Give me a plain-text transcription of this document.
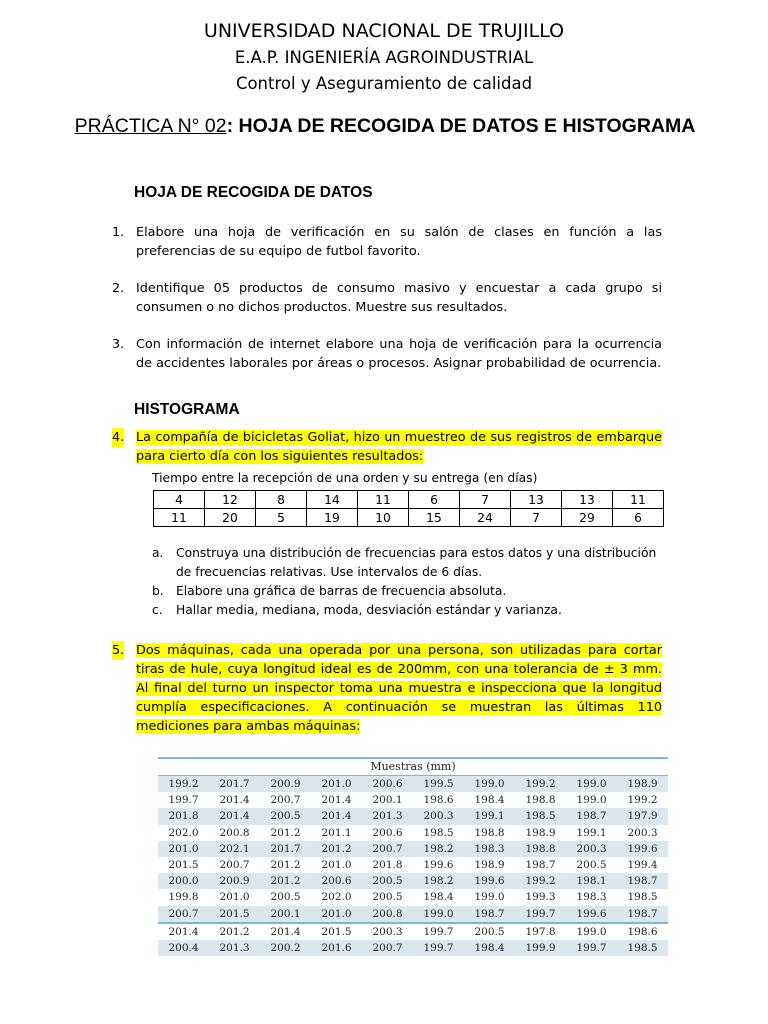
UNIVERSIDAD NACIONAL DE TRUJILLO
E.A.P. INGENIERÍA AGROINDUSTRIAL
Control y Aseguramiento de calidad
PRÁCTICA N° 02: HOJA DE RECOGIDA DE DATOS E HISTOGRAMA
HOJA DE RECOGIDA DE DATOS
1. Elabore una hoja de verificación en su salón de clases en función a las preferencias de su equipo de futbol favorito.
2. Identifique 05 productos de consumo masivo y encuestar a cada grupo si consumen o no dichos productos. Muestre sus resultados.
3. Con información de internet elabore una hoja de verificación para la ocurrencia de accidentes laborales por áreas o procesos. Asignar probabilidad de ocurrencia.
HISTOGRAMA
4. La compañía de bicicletas Goliat, hizo un muestreo de sus registros de embarque para cierto día con los siguientes resultados:
Tiempo entre la recepción de una orden y su entrega (en días)
4	12	8	14	11	6	7	13	13	11
11	20	5	19	10	15	24	7	29	6
a.	Construya una distribución de frecuencias para estos datos y una distribución de frecuencias relativas. Use intervalos de 6 días.
b. Elabore una gráfica de barras de frecuencia absoluta.
c.	Hallar media, mediana, moda, desviación estándar y varianza.
5. Dos máquinas, cada una operada por una persona, son utilizadas para cortar tiras de hule, cuya longitud ideal es de 200mm, con una tolerancia de ± 3 mm. Al final del turno un inspector toma una muestra e inspecciona que la longitud cumplía especificaciones. A continuación se muestran las últimas 110 mediciones para ambas máquinas:
Muestras (mm)
199.2	201.7	200.9	201.0	200.6	199.5	199.0	199.2	199.0	198.9
199.7	201.4	200.7	201.4	200.1	198.6	198.4	198.8	199.0	199.2
201.8	201.4	200.5	201.4	201.3	200.3	199.1	198.5	198.7	197.9
202.0	200.8	201.2	201.1	200.6	198.5	198.8	198.9	199.1	200.3
201.0	202.1	201.7	201.2	200.7	198.2	198.3	198.8	200.3	199.6
201.5	200.7	201.2	201.0	201.8	199.6	198.9	198.7	200.5	199.4
200.0	200.9	201.2	200.6	200.5	198.2	199.6	199.2	198.1	198.7
199.8	201.0	200.5	202.0	200.5	198.4	199.0	199.3	198.3	198.5
200.7	201.5	200.1	201.0	200.8	199.0	198.7	199.7	199.6	198.7
201.4	201.2	201.4	201.5	200.3	199.7	200.5	197.8	199.0	198.6
200.4	201.3	200.2	201.6	200.7	199.7	198.4	199.9	199.7	198.5
